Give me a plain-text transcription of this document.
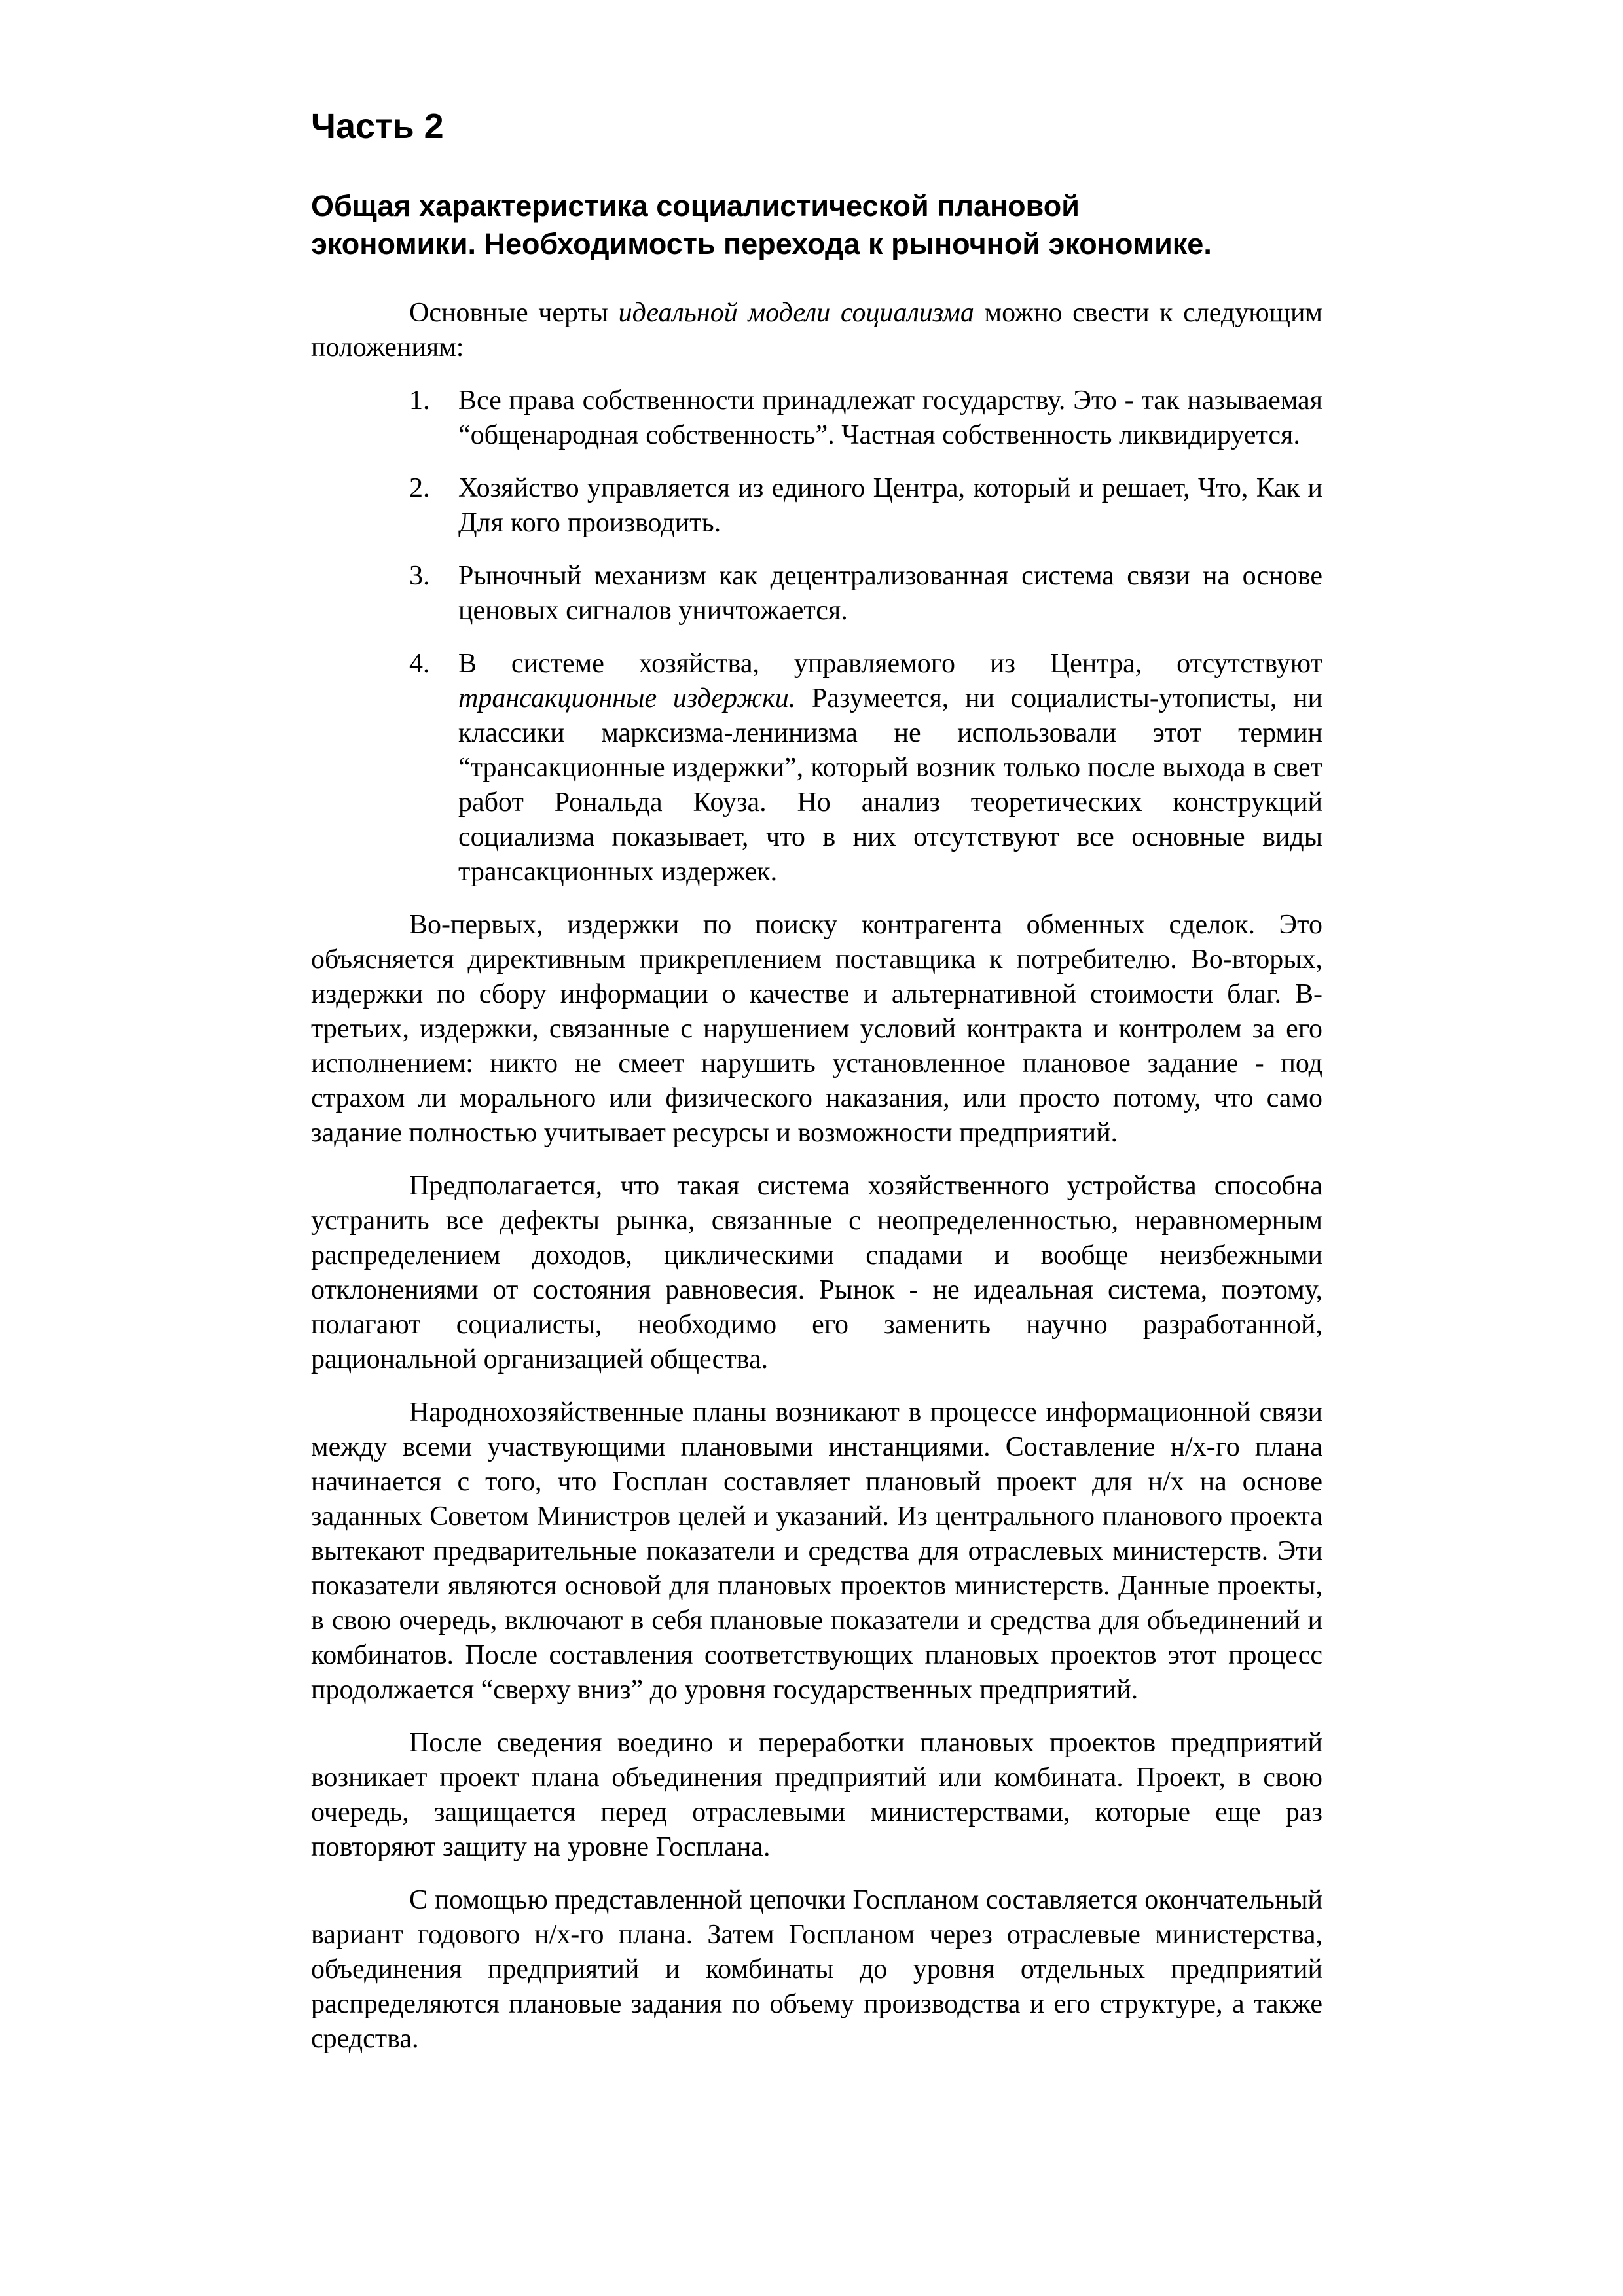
Часть 2
Общая характеристика социалистической плановой экономики. Необходимость перехода к рыночной экономике.

Основные черты идеальной модели социализма можно свести к следующим положениям:

1. Все права собственности принадлежат государству. Это - так называемая “общенародная собственность”. Частная собственность ликвидируется.
2. Хозяйство управляется из единого Центра, который и решает, Что, Как и Для кого производить.
3. Рыночный механизм как децентрализованная система связи на основе ценовых сигналов уничтожается.
4. В системе хозяйства, управляемого из Центра, отсутствуют трансакционные издержки. Разумеется, ни социалисты-утописты, ни классики марксизма-ленинизма не использовали этот термин “трансакционные издержки”, который возник только после выхода в свет работ Рональда Коуза. Но анализ теоретических конструкций социализма показывает, что в них отсутствуют все основные виды трансакционных издержек.

Во-первых, издержки по поиску контрагента обменных сделок. Это объясняется директивным прикреплением поставщика к потребителю. Во-вторых, издержки по сбору информации о качестве и альтернативной стоимости благ. В-третьих, издержки, связанные с нарушением условий контракта и контролем за его исполнением: никто не смеет нарушить установленное плановое задание - под страхом ли морального или физического наказания, или просто потому, что само задание полностью учитывает ресурсы и возможности предприятий.

Предполагается, что такая система хозяйственного устройства способна устранить все дефекты рынка, связанные с неопределенностью, неравномерным распределением доходов, циклическими спадами и вообще неизбежными отклонениями от состояния равновесия. Рынок - не идеальная система, поэтому, полагают социалисты, необходимо его заменить научно разработанной, рациональной организацией общества.

Народнохозяйственные планы возникают в процессе информационной связи между всеми участвующими плановыми инстанциями. Составление н/х-го плана начинается с того, что Госплан составляет плановый проект для н/х на основе заданных Советом Министров целей и указаний. Из центрального планового проекта вытекают предварительные показатели и средства для отраслевых министерств. Эти показатели являются основой для плановых проектов министерств. Данные проекты, в свою очередь, включают в себя плановые показатели и средства для объединений и комбинатов. После составления соответствующих плановых проектов этот процесс продолжается “сверху вниз” до уровня государственных предприятий.

После сведения воедино и переработки плановых проектов предприятий возникает проект плана объединения предприятий или комбината. Проект, в свою очередь, защищается перед отраслевыми министерствами, которые еще раз повторяют защиту на уровне Госплана.

С помощью представленной цепочки Госпланом составляется окончательный вариант годового н/х-го плана. Затем Госпланом через отраслевые министерства, объединения предприятий и комбинаты до уровня отдельных предприятий распределяются плановые задания по объему производства и его структуре, а также средства.
